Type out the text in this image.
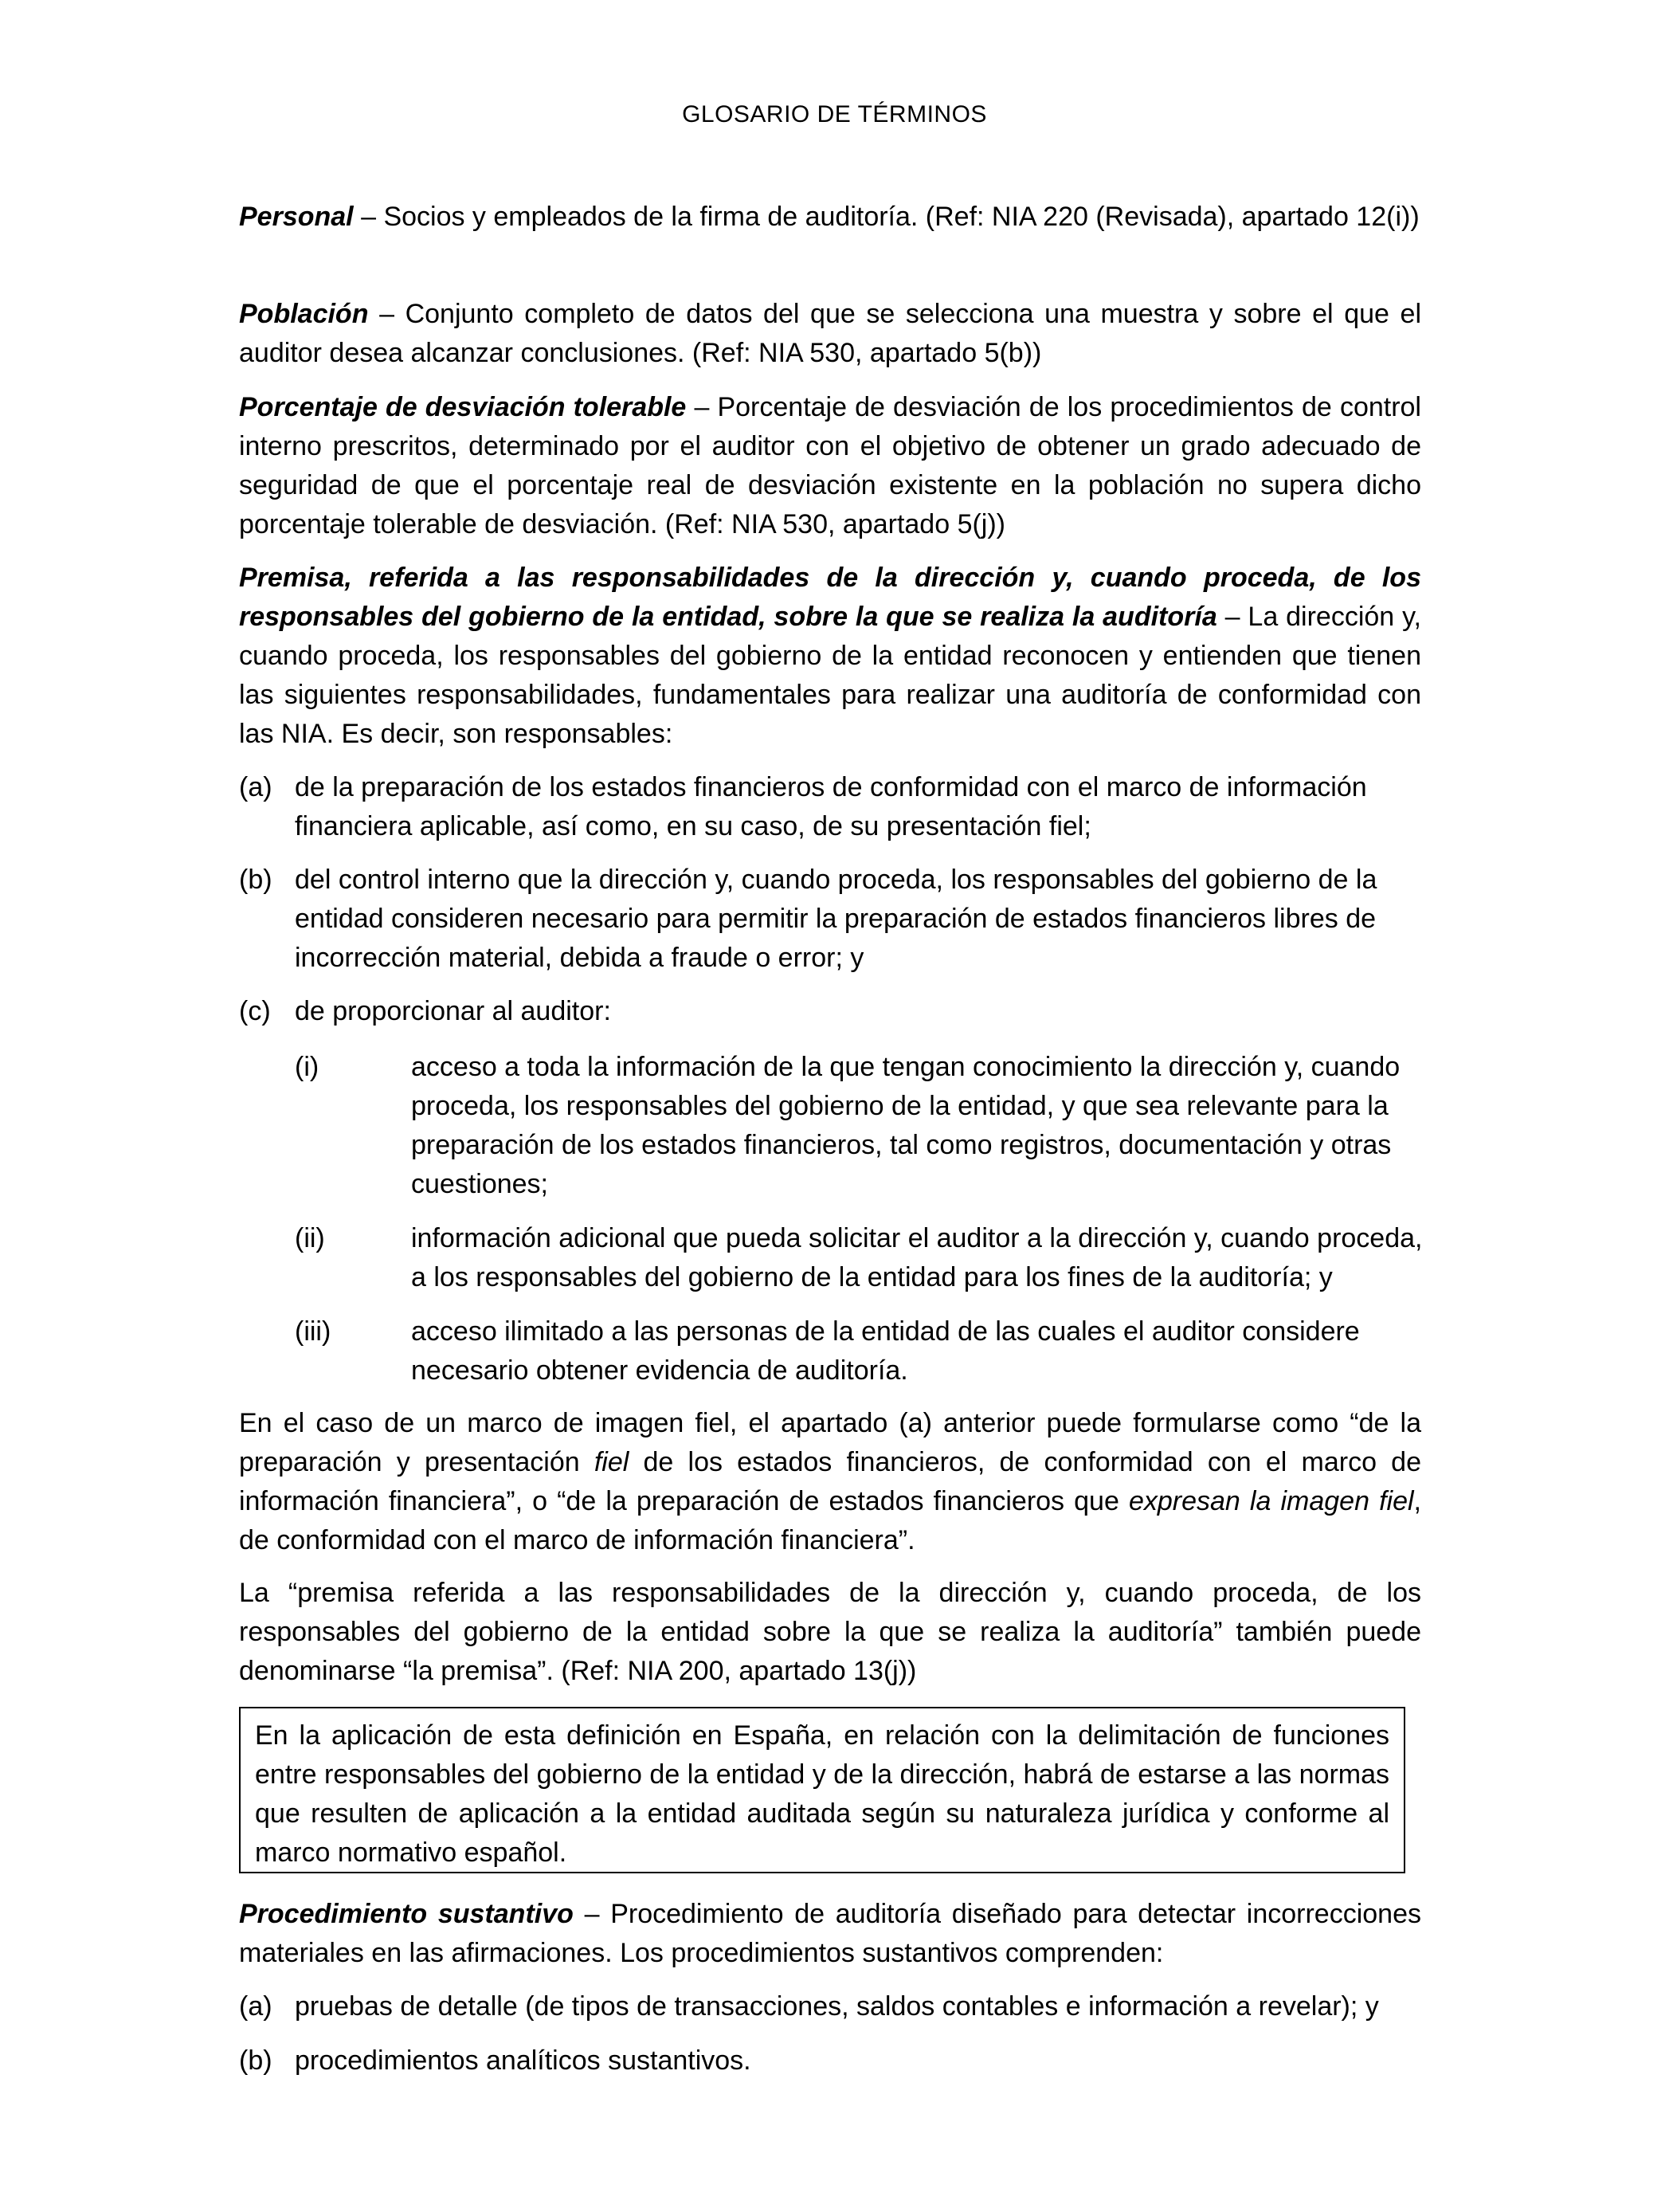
GLOSARIO DE TÉRMINOS

Personal – Socios y empleados de la firma de auditoría. (Ref: NIA 220 (Revisada), apartado 12(i))

Población – Conjunto completo de datos del que se selecciona una muestra y sobre el que el auditor desea alcanzar conclusiones. (Ref: NIA 530, apartado 5(b))

Porcentaje de desviación tolerable – Porcentaje de desviación de los procedimientos de control interno prescritos, determinado por el auditor con el objetivo de obtener un grado adecuado de seguridad de que el porcentaje real de desviación existente en la población no supera dicho porcentaje tolerable de desviación. (Ref: NIA 530, apartado 5(j))

Premisa, referida a las responsabilidades de la dirección y, cuando proceda, de los responsables del gobierno de la entidad, sobre la que se realiza la auditoría – La dirección y, cuando proceda, los responsables del gobierno de la entidad reconocen y entienden que tienen las siguientes responsabilidades, fundamentales para realizar una auditoría de conformidad con las NIA. Es decir, son responsables:

(a) de la preparación de los estados financieros de conformidad con el marco de información financiera aplicable, así como, en su caso, de su presentación fiel;
(b) del control interno que la dirección y, cuando proceda, los responsables del gobierno de la entidad consideren necesario para permitir la preparación de estados financieros libres de incorrección material, debida a fraude o error; y
(c) de proporcionar al auditor:
(i)	acceso a toda la información de la que tengan conocimiento la dirección y, cuando proceda, los responsables del gobierno de la entidad, y que sea relevante para la preparación de los estados financieros, tal como registros, documentación y otras cuestiones;
(ii)	información adicional que pueda solicitar el auditor a la dirección y, cuando proceda, a los responsables del gobierno de la entidad para los fines de la auditoría; y
(iii)	acceso ilimitado a las personas de la entidad de las cuales el auditor considere necesario obtener evidencia de auditoría.

En el caso de un marco de imagen fiel, el apartado (a) anterior puede formularse como “de la preparación y presentación fiel de los estados financieros, de conformidad con el marco de información financiera”, o “de la preparación de estados financieros que expresan la imagen fiel, de conformidad con el marco de información financiera”.

La “premisa referida a las responsabilidades de la dirección y, cuando proceda, de los responsables del gobierno de la entidad sobre la que se realiza la auditoría” también puede denominarse “la premisa”. (Ref: NIA 200, apartado 13(j))

En la aplicación de esta definición en España, en relación con la delimitación de funciones entre responsables del gobierno de la entidad y de la dirección, habrá de estarse a las normas que resulten de aplicación a la entidad auditada según su naturaleza jurídica y conforme al marco normativo español.

Procedimiento sustantivo – Procedimiento de auditoría diseñado para detectar incorrecciones materiales en las afirmaciones. Los procedimientos sustantivos comprenden:

(a) pruebas de detalle (de tipos de transacciones, saldos contables e información a revelar); y
(b) procedimientos analíticos sustantivos.
